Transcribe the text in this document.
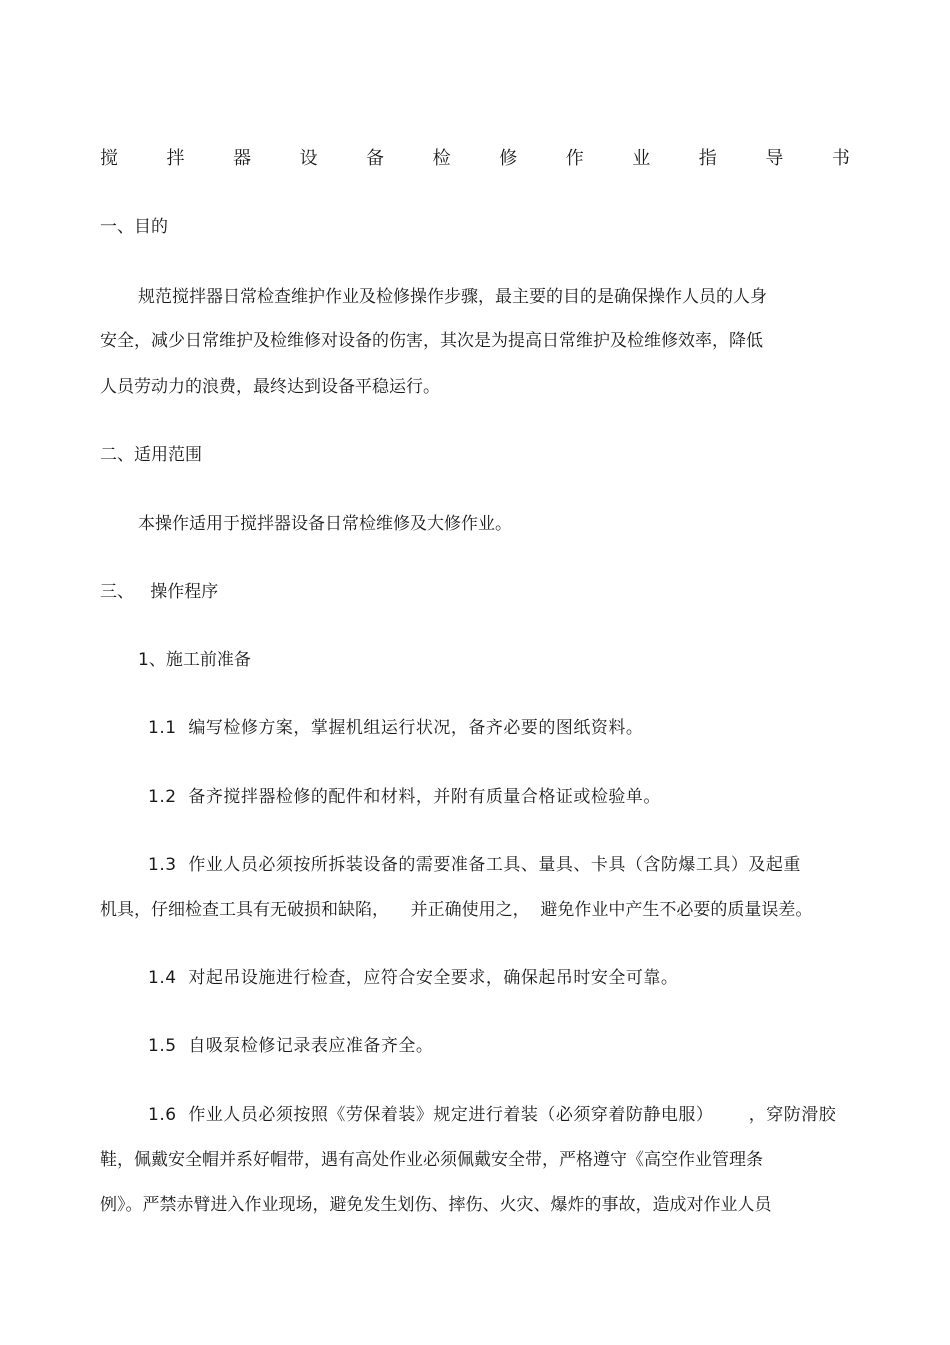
搅	拌	器	设	备	检	修	作	业	指	导	书
一、目的
规范搅拌器日常检查维护作业及检修操作步骤，最主要的目的是确保操作人员的人身
安全，减少日常维护及检维修对设备的伤害，其次是为提高日常维护及检维修效率，降低
人员劳动力的浪费，最终达到设备平稳运行。
二、适用范围
本操作适用于搅拌器设备日常检维修及大修作业。
三、   操作程序
1、施工前准备
1.1  编写检修方案，掌握机组运行状况，备齐必要的图纸资料。
1.2  备齐搅拌器检修的配件和材料，并附有质量合格证或检验单。
1.3  作业人员必须按所拆装设备的需要准备工具、量具、卡具（含防爆工具）及起重
机具，仔细检查工具有无破损和缺陷，    并正确使用之，  避免作业中产生不必要的质量误差。
1.4  对起吊设施进行检查，应符合安全要求，确保起吊时安全可靠。
1.5  自吸泵检修记录表应准备齐全。
1.6  作业人员必须按照《劳保着装》规定进行着装（必须穿着防静电服）      ，穿防滑胶
鞋，佩戴安全帽并系好帽带，遇有高处作业必须佩戴安全带，严格遵守《高空作业管理条
例》。严禁赤臂进入作业现场，避免发生划伤、摔伤、火灾、爆炸的事故，造成对作业人员
